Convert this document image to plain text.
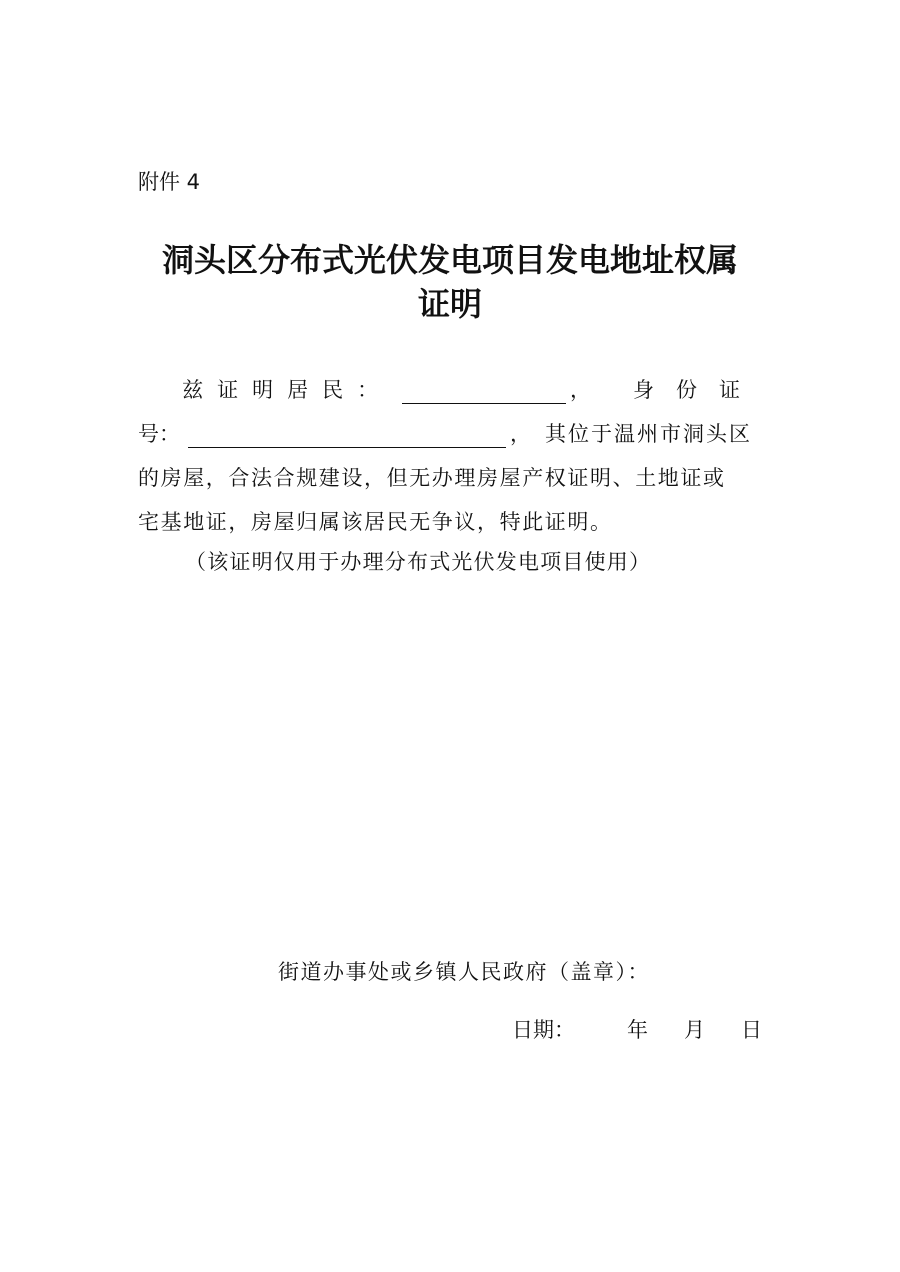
附件 4
洞头区分布式光伏发电项目发电地址权属
证明
兹证明居民：	， 身份证
号：	， 其位于温州市洞头区
的房屋，合法合规建设，但无办理房屋产权证明、土地证或
宅基地证，房屋归属该居民无争议，特此证明。
（该证明仅用于办理分布式光伏发电项目使用）
街道办事处或乡镇人民政府（盖章）：
日期： 年 月 日
